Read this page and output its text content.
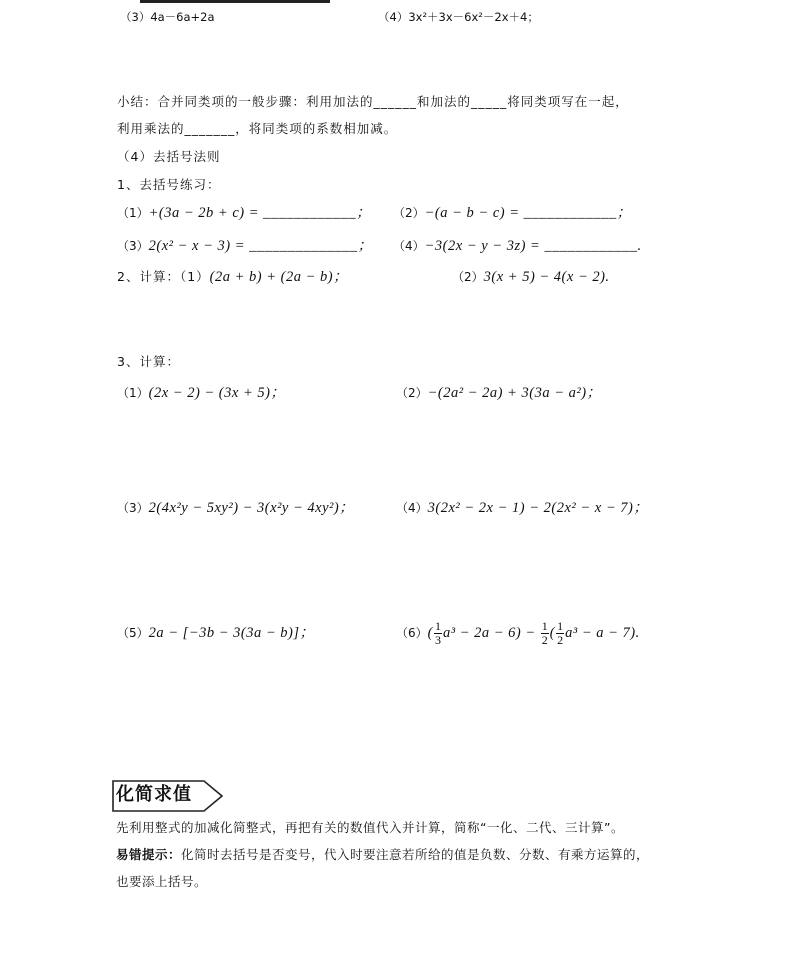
（3）4a－6a+2a	（4）3x²＋3x－6x²－2x＋4；
小结：合并同类项的一般步骤：利用加法的______和加法的_____将同类项写在一起，
利用乘法的_______，将同类项的系数相加减。
（4）去括号法则
1、去括号练习：
（1）+(3a − 2b + c) = ____________； （2）−(a − b − c) = ____________；
（3）2(x² − x − 3) = ______________； （4）−3(2x − y − 3z) = ____________.
2、计算：（1）(2a + b) + (2a − b)；	（2）3(x + 5) − 4(x − 2).
3、计算：
（1）(2x − 2) − (3x + 5)；	（2）−(2a² − 2a) + 3(3a − a²)；
（3）2(4x²y − 5xy²) − 3(x²y − 4xy²)；	（4）3(2x² − 2x − 1) − 2(2x² − x − 7)；
（5）2a − [−3b − 3(3a − b)]；	$(6)( \frac{1}{3} a^3 - 2a - 6) - \frac{1}{2}$ ( $\frac{1}{2} a^3 - a - 7$).
化简求值
先利用整式的加减化简整式，再把有关的数值代入并计算，简称“一化、二代、三计算”。
易错提示：化简时去括号是否变号，代入时要注意若所给的值是负数、分数、有乘方运算的，
也要添上括号。
